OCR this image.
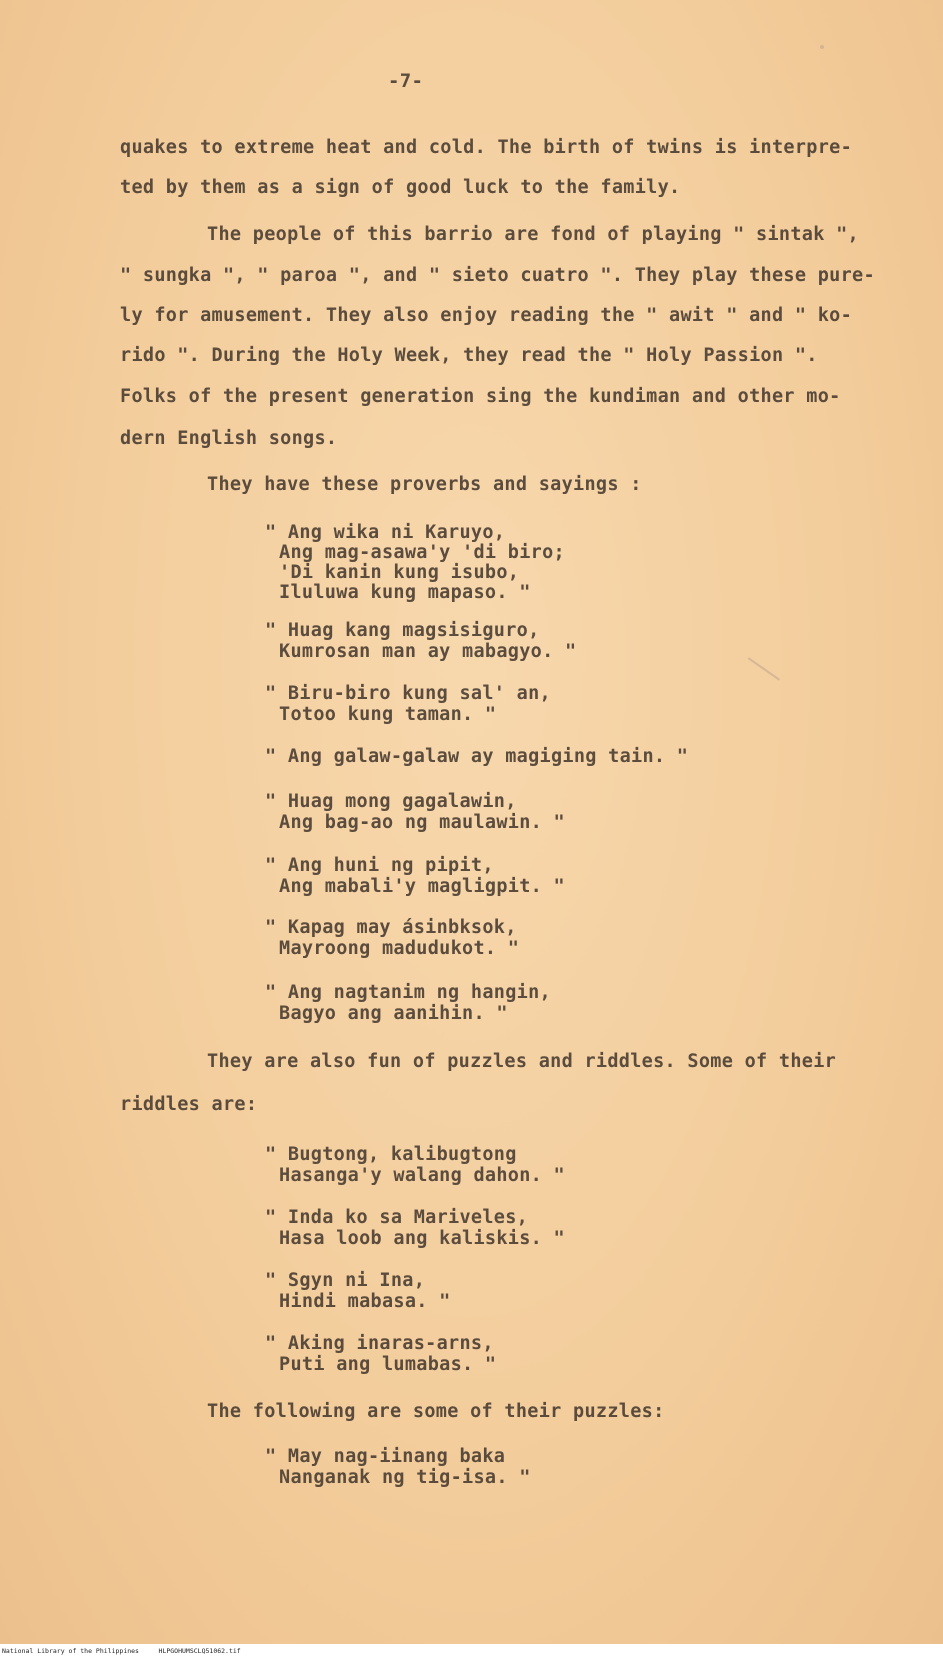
-7-
quakes to extreme heat and cold. The birth of twins is interpre-
ted by them as a sign of good luck to the family.
The people of this barrio are fond of playing " sintak ",
" sungka ", " paroa ", and " sieto cuatro ". They play these pure-
ly for amusement. They also enjoy reading the " awit " and " ko-
rido ". During the Holy Week, they read the " Holy Passion ".
Folks of the present generation sing the kundiman and other mo-
dern English songs.
They have these proverbs and sayings :
" Ang wika ni Karuyo,
Ang mag-asawa'y 'di biro;
'Di kanin kung isubo,
Iluluwa kung mapaso. "
" Huag kang magsisiguro,
Kumrosan man ay mabagyo. "
" Biru-biro kung sal' an,
Totoo kung taman. "
" Ang galaw-galaw ay magiging tain. "
" Huag mong gagalawin,
Ang bag-ao ng maulawin. "
" Ang huni ng pipit,
Ang mabali'y magligpit. "
" Kapag may ásinbksok,
Mayroong madudukot. "
" Ang nagtanim ng hangin,
Bagyo ang aanihin. "
They are also fun of puzzles and riddles. Some of their
riddles are:
" Bugtong, kalibugtong
Hasanga'y walang dahon. "
" Inda ko sa Mariveles,
Hasa loob ang kaliskis. "
" Sgyn ni Ina,
Hindi mabasa. "
" Aking inaras-arns,
Puti ang lumabas. "
The following are some of their puzzles:
" May nag-iinang baka
Nanganak ng tig-isa. "
National Library of the Philippines     HLPGOHUMSCLQ51062.tif
